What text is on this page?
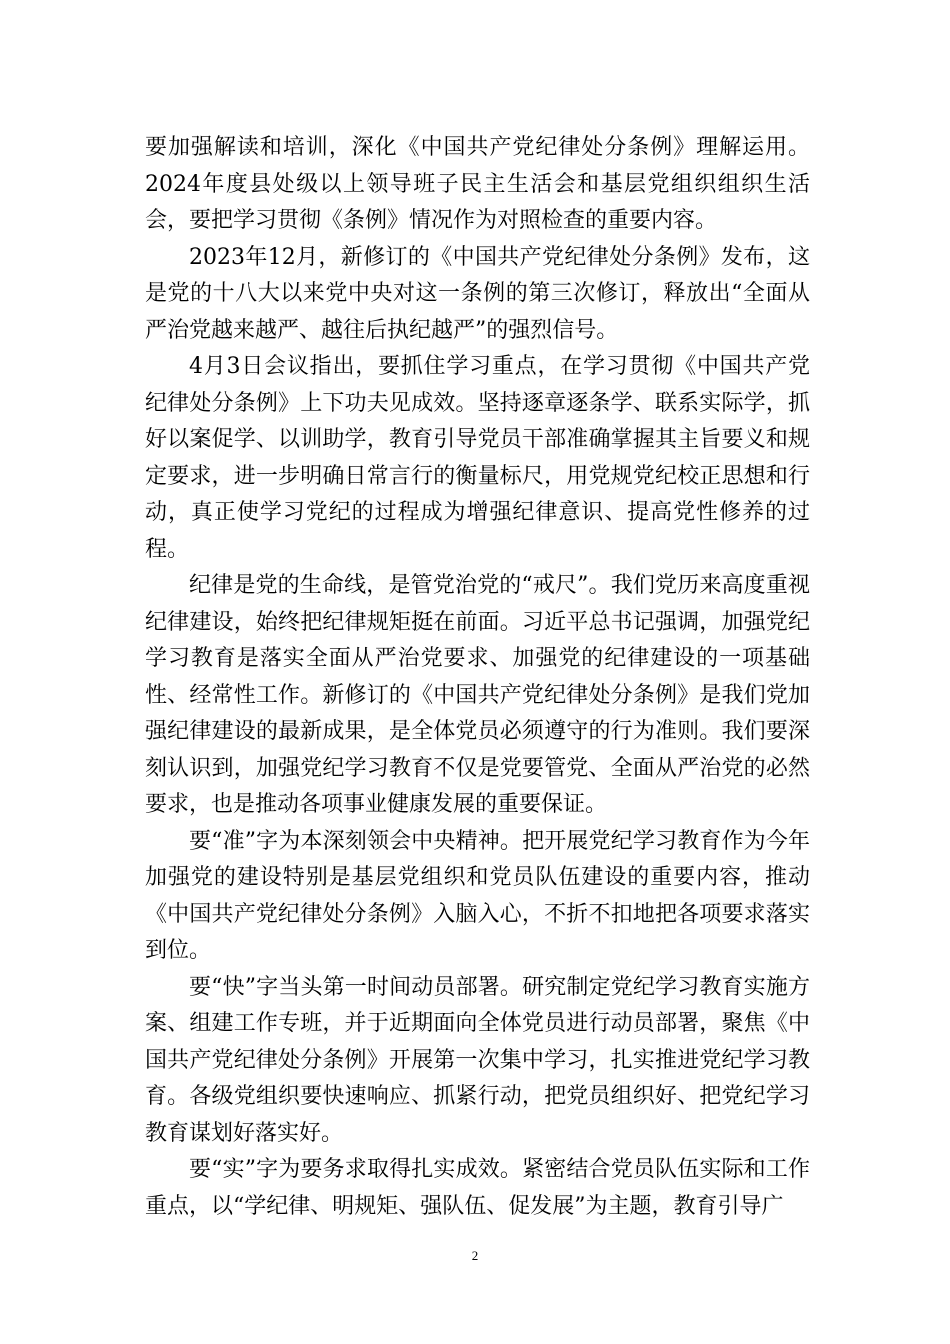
要加强解读和培训，深化《中国共产党纪律处分条例》理解运用。2024年度县处级以上领导班子民主生活会和基层党组织组织生活会，要把学习贯彻《条例》情况作为对照检查的重要内容。

2023年12月，新修订的《中国共产党纪律处分条例》发布，这是党的十八大以来党中央对这一条例的第三次修订，释放出“全面从严治党越来越严、越往后执纪越严”的强烈信号。

4月3日会议指出，要抓住学习重点，在学习贯彻《中国共产党纪律处分条例》上下功夫见成效。坚持逐章逐条学、联系实际学，抓好以案促学、以训助学，教育引导党员干部准确掌握其主旨要义和规定要求，进一步明确日常言行的衡量标尺，用党规党纪校正思想和行动，真正使学习党纪的过程成为增强纪律意识、提高党性修养的过程。

纪律是党的生命线，是管党治党的“戒尺”。我们党历来高度重视纪律建设，始终把纪律规矩挺在前面。习近平总书记强调，加强党纪学习教育是落实全面从严治党要求、加强党的纪律建设的一项基础性、经常性工作。新修订的《中国共产党纪律处分条例》是我们党加强纪律建设的最新成果，是全体党员必须遵守的行为准则。我们要深刻认识到，加强党纪学习教育不仅是党要管党、全面从严治党的必然要求，也是推动各项事业健康发展的重要保证。

要“准”字为本深刻领会中央精神。把开展党纪学习教育作为今年加强党的建设特别是基层党组织和党员队伍建设的重要内容，推动《中国共产党纪律处分条例》入脑入心，不折不扣地把各项要求落实到位。

要“快”字当头第一时间动员部署。研究制定党纪学习教育实施方案、组建工作专班，并于近期面向全体党员进行动员部署，聚焦《中国共产党纪律处分条例》开展第一次集中学习，扎实推进党纪学习教育。各级党组织要快速响应、抓紧行动，把党员组织好、把党纪学习教育谋划好落实好。

要“实”字为要务求取得扎实成效。紧密结合党员队伍实际和工作重点，以“学纪律、明规矩、强队伍、促发展”为主题，教育引导广

2
